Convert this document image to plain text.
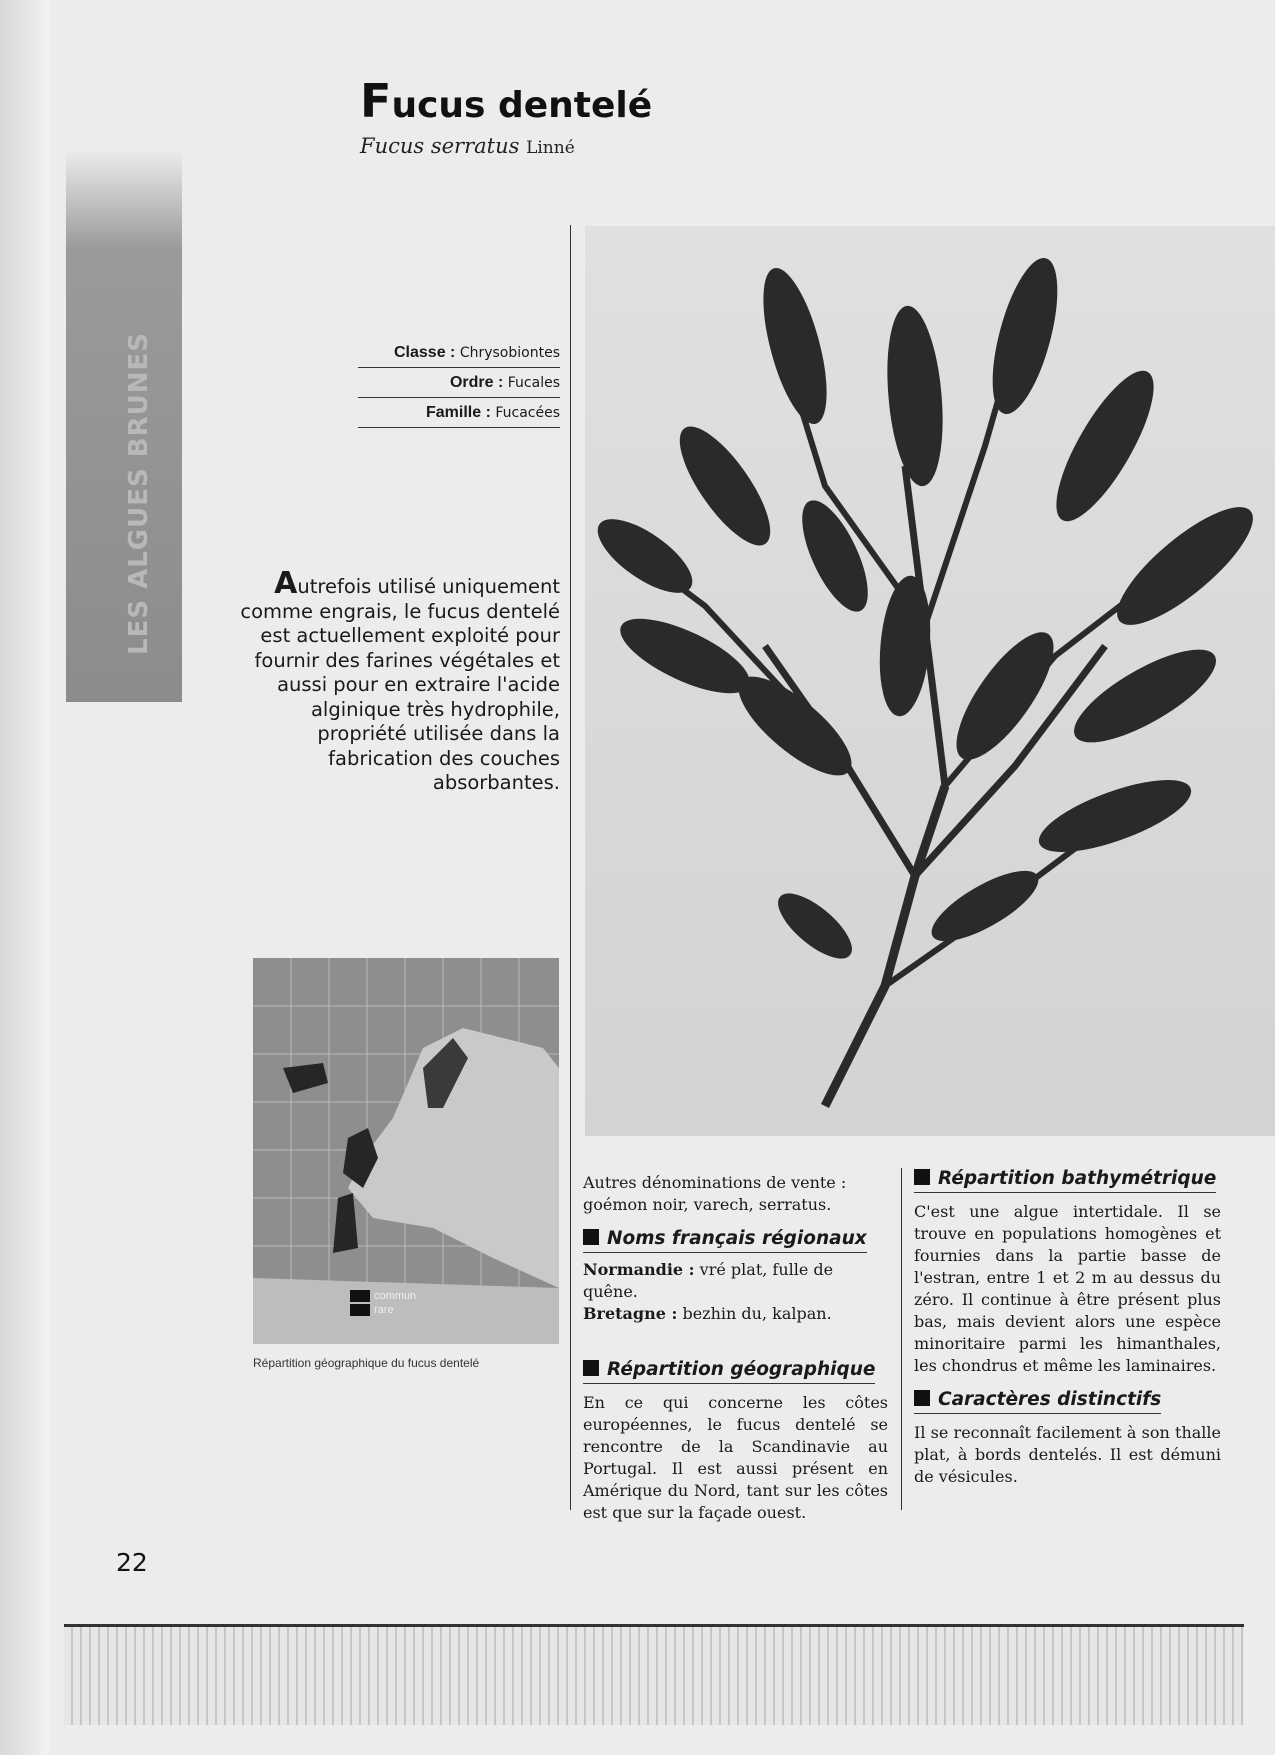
LES ALGUES BRUNES
Fucus dentelé
Fucus serratus Linné
Classe : Chrysobiontes
Ordre : Fucales
Famille : Fucacées
Autrefois utilisé uniquement comme engrais, le fucus dentelé est actuellement exploité pour fournir des farines végétales et aussi pour en extraire l'acide alginique très hydrophile, propriété utilisée dans la fabrication des couches absorbantes.
commun
rare
Répartition géographique du fucus dentelé

Autres dénominations de vente :

goémon noir, varech, serratus.

Noms français régionaux

Normandie : vré plat, fulle de quêne.

Bretagne : bezhin du, kalpan.

Répartition géographique

En ce qui concerne les côtes européennes, le fucus dentelé se rencontre de la Scandinavie au Portugal. Il est aussi présent en Amérique du Nord, tant sur les côtes est que sur la façade ouest.

Répartition bathymétrique

C'est une algue intertidale. Il se trouve en populations homogènes et fournies dans la partie basse de l'estran, entre 1 et 2 m au dessus du zéro. Il continue à être présent plus bas, mais devient alors une espèce minoritaire parmi les himanthales, les chondrus et même les laminaires.

Caractères distinctifs

Il se reconnaît facilement à son thalle plat, à bords dentelés. Il est démuni de vésicules.

22
